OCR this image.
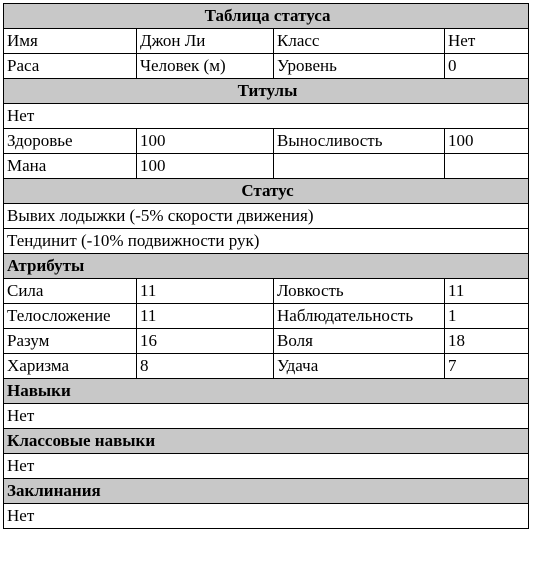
Таблица статуса			
Имя	Джон Ли	Класс	Нет
Раса	Человек (м)	Уровень	0
Титулы			
Нет			
Здоровье	100	Выносливость	100
Мана	100		
Статус			
Вывих лодыжки (-5% скорости движения)			
Тендинит (-10% подвижности рук)			
Атрибуты			
Сила	11	Ловкость	11
Телосложение	11	Наблюдательность	1
Разум	16	Воля	18
Харизма	8	Удача	7
Навыки			
Нет			
Классовые навыки			
Нет			
Заклинания			
Нет			
